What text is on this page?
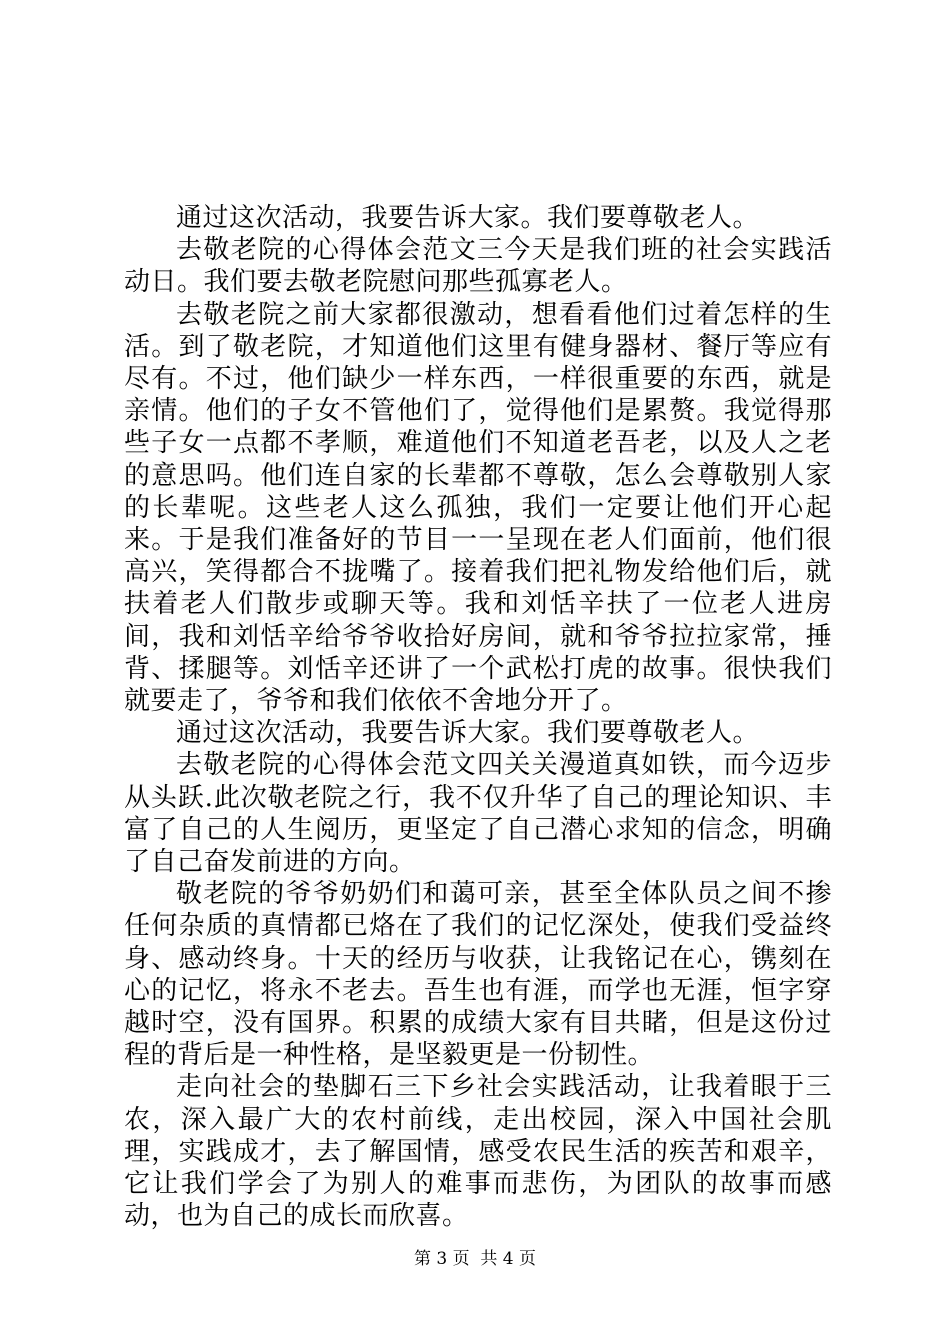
通过这次活动，我要告诉大家。我们要尊敬老人。

去敬老院的心得体会范文三今天是我们班的社会实践活动日。我们要去敬老院慰问那些孤寡老人。

去敬老院之前大家都很激动，想看看他们过着怎样的生活。到了敬老院，才知道他们这里有健身器材、餐厅等应有尽有。不过，他们缺少一样东西，一样很重要的东西，就是亲情。他们的子女不管他们了，觉得他们是累赘。我觉得那些子女一点都不孝顺，难道他们不知道老吾老，以及人之老的意思吗。他们连自家的长辈都不尊敬，怎么会尊敬别人家的长辈呢。这些老人这么孤独，我们一定要让他们开心起来。于是我们准备好的节目一一呈现在老人们面前，他们很高兴，笑得都合不拢嘴了。接着我们把礼物发给他们后，就扶着老人们散步或聊天等。我和刘恬辛扶了一位老人进房间，我和刘恬辛给爷爷收拾好房间，就和爷爷拉拉家常，捶背、揉腿等。刘恬辛还讲了一个武松打虎的故事。很快我们就要走了，爷爷和我们依依不舍地分开了。

通过这次活动，我要告诉大家。我们要尊敬老人。

去敬老院的心得体会范文四关关漫道真如铁，而今迈步从头跃.此次敬老院之行，我不仅升华了自己的理论知识、丰富了自己的人生阅历，更坚定了自己潜心求知的信念，明确了自己奋发前进的方向。

敬老院的爷爷奶奶们和蔼可亲，甚至全体队员之间不掺任何杂质的真情都已烙在了我们的记忆深处，使我们受益终身、感动终身。十天的经历与收获，让我铭记在心，镌刻在心的记忆，将永不老去。吾生也有涯，而学也无涯，恒字穿越时空，没有国界。积累的成绩大家有目共睹，但是这份过程的背后是一种性格，是坚毅更是一份韧性。

走向社会的垫脚石三下乡社会实践活动，让我着眼于三农，深入最广大的农村前线，走出校园，深入中国社会肌理，实践成才，去了解国情，感受农民生活的疾苦和艰辛，它让我们学会了为别人的难事而悲伤，为团队的故事而感动，也为自己的成长而欣喜。

第 3 页  共 4 页
